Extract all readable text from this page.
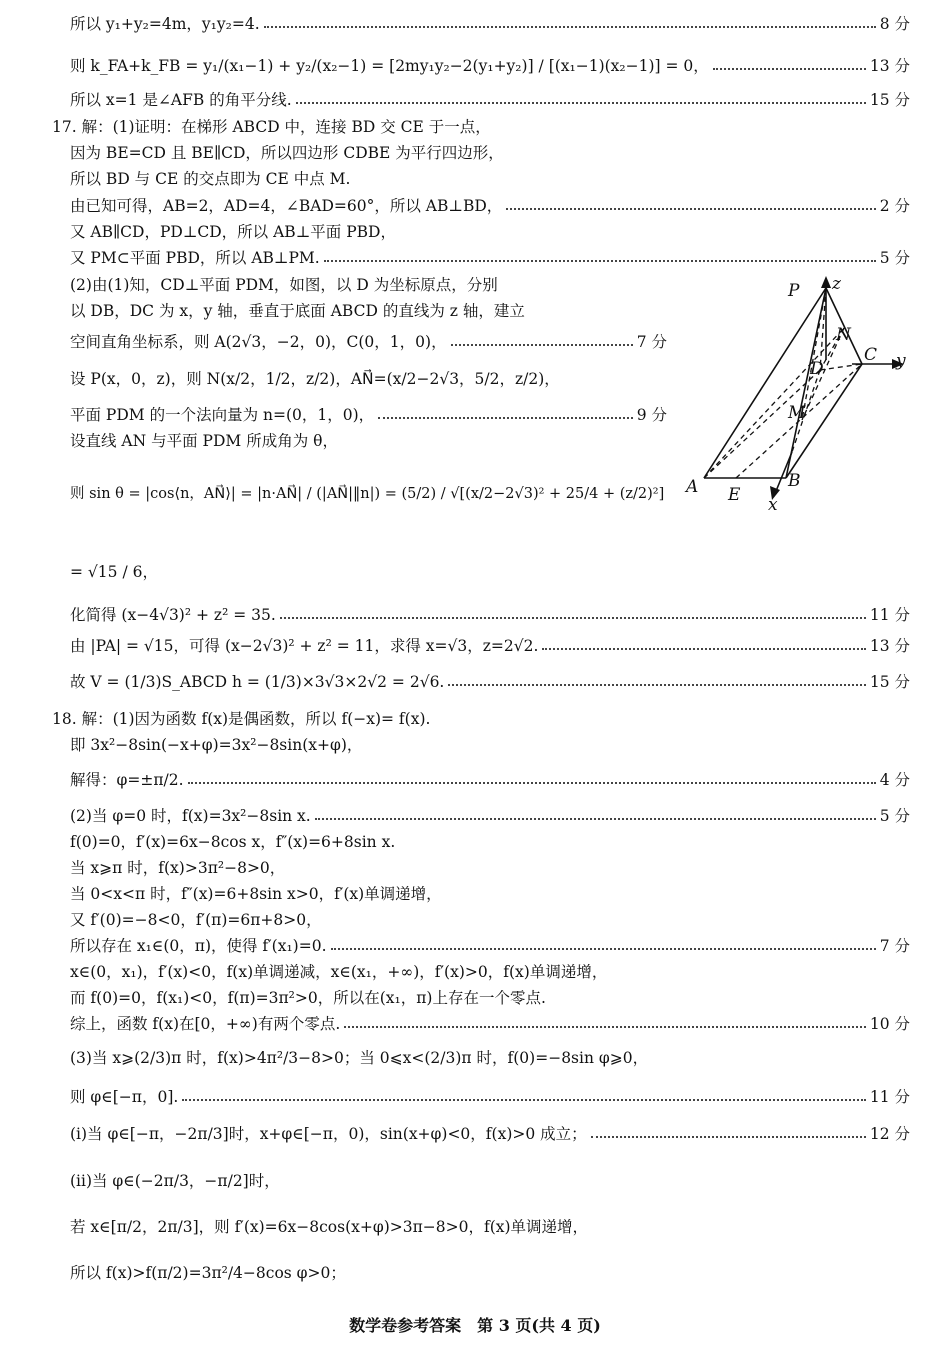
所以 y₁+y₂=4m，y₁y₂=4.	8 分
则 k_FA+k_FB = y₁/(x₁−1) + y₂/(x₂−1) = [2my₁y₂−2(y₁+y₂)] / [(x₁−1)(x₂−1)] = 0，	13 分
所以 x=1 是∠AFB 的角平分线.	15 分
17. 解：(1)证明：在梯形 ABCD 中，连接 BD 交 CE 于一点，
因为 BE=CD 且 BE∥CD，所以四边形 CDBE 为平行四边形，
所以 BD 与 CE 的交点即为 CE 中点 M.
由已知可得，AB=2，AD=4，∠BAD=60°，所以 AB⊥BD，	2 分
又 AB∥CD，PD⊥CD，所以 AB⊥平面 PBD，
又 PM⊂平面 PBD，所以 AB⊥PM.	5 分
(2)由(1)知，CD⊥平面 PDM，如图，以 D 为坐标原点，分别
以 DB，DC 为 x，y 轴，垂直于底面 ABCD 的直线为 z 轴，建立
空间直角坐标系，则 A(2√3，−2，0)，C(0，1，0)，	7 分
设 P(x，0，z)，则 N(x/2，1/2，z/2)，AN⃗=(x/2−2√3，5/2，z/2)，
平面 PDM 的一个法向量为 n=(0，1，0)，	9 分
设直线 AN 与平面 PDM 所成角为 θ，
则 sin θ = |cos⟨n，AN⃗⟩| = |n·AN⃗| / (|AN⃗|‖n|) = (5/2) / √[(x/2−2√3)² + 25/4 + (z/2)²]
= √15 / 6，
化简得 (x−4√3)² + z² = 35.	11 分
由 |PA| = √15，可得 (x−2√3)² + z² = 11，求得 x=√3，z=2√2.	13 分
故 V = (1/3)S_ABCD h = (1/3)×3√3×2√2 = 2√6.	15 分
18. 解：(1)因为函数 f(x)是偶函数，所以 f(−x)= f(x).
即 3x²−8sin(−x+φ)=3x²−8sin(x+φ)，
解得：φ=±π/2.	4 分
(2)当 φ=0 时，f(x)=3x²−8sin x.	5 分
f(0)=0，f′(x)=6x−8cos x，f″(x)=6+8sin x.
当 x⩾π 时，f(x)>3π²−8>0，
当 0<x<π 时，f″(x)=6+8sin x>0，f′(x)单调递增，
又 f′(0)=−8<0，f′(π)=6π+8>0，
所以存在 x₁∈(0，π)，使得 f′(x₁)=0.	7 分
x∈(0，x₁)，f′(x)<0，f(x)单调递减，x∈(x₁，+∞)，f′(x)>0，f(x)单调递增，
而 f(0)=0，f(x₁)<0，f(π)=3π²>0，所以在(x₁，π)上存在一个零点.
综上，函数 f(x)在[0，+∞)有两个零点.	10 分
(3)当 x⩾(2/3)π 时，f(x)>4π²/3−8>0；当 0⩽x<(2/3)π 时，f(0)=−8sin φ⩾0，
则 φ∈[−π，0].	11 分
(ⅰ)当 φ∈[−π，−2π/3]时，x+φ∈[−π，0)，sin(x+φ)<0，f(x)>0 成立；	12 分
(ⅱ)当 φ∈(−2π/3，−π/2]时，
若 x∈[π/2，2π/3]，则 f′(x)=6x−8cos(x+φ)>3π−8>0，f(x)单调递增，
所以 f(x)>f(π/2)=3π²/4−8cos φ>0；
P
N
D
C
M
A E
B
x
y
z
数学卷参考答案　第 3 页(共 4 页)
